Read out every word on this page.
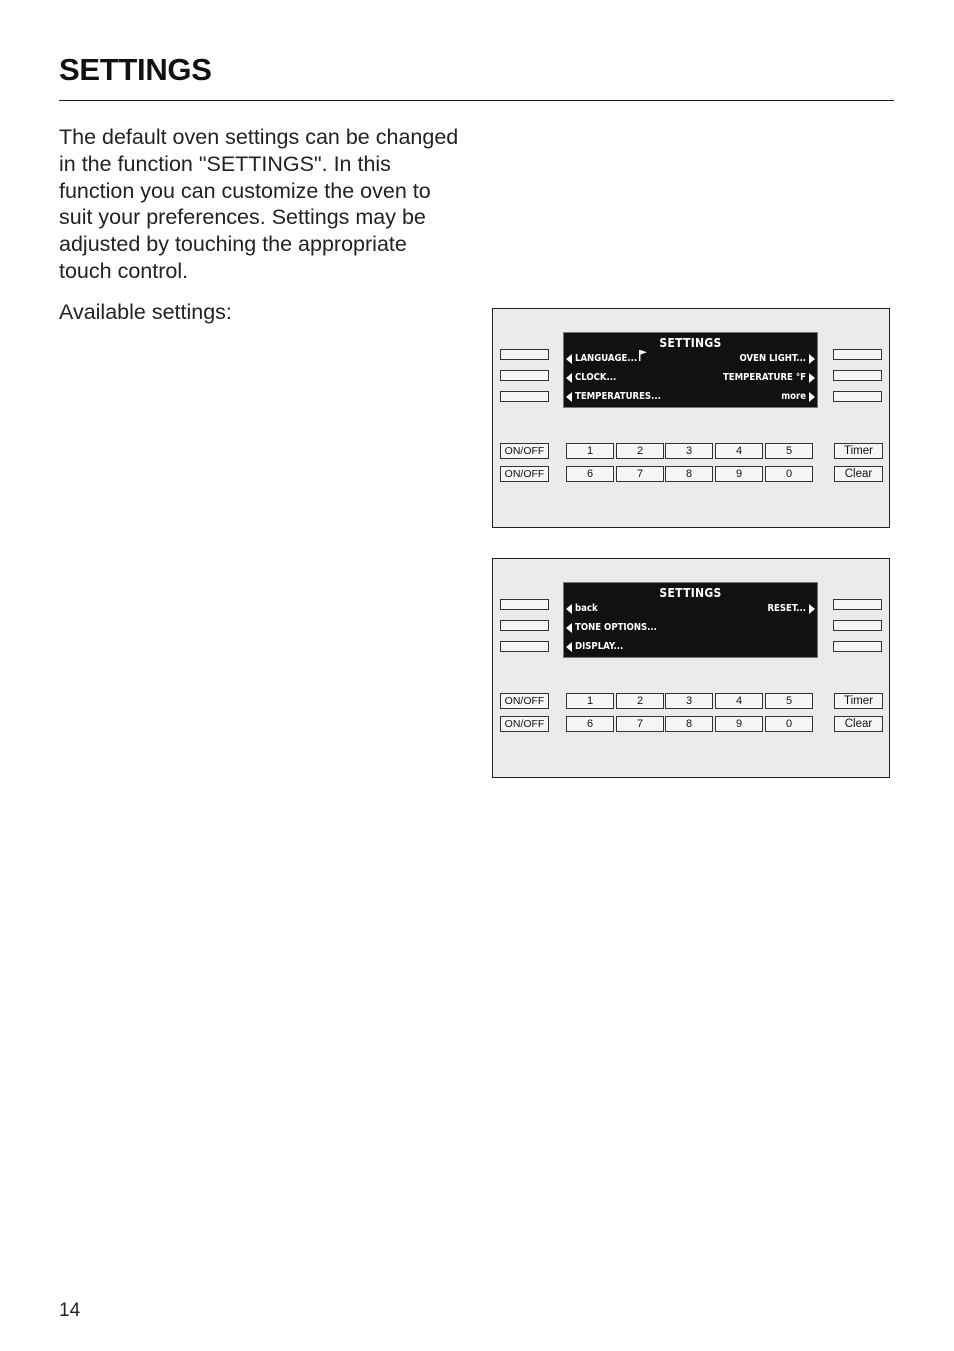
SETTINGS

The default oven settings can be changed in the function "SETTINGS". In this function you can customize the oven to suit your preferences. Settings may be adjusted by touching the appropriate touch control.

Available settings:

SETTINGS
LANGUAGE...
CLOCK...
TEMPERATURES...
OVEN LIGHT...
TEMPERATURE °F
more
ON/OFF
ON/OFF
1	2	3	4	5
6	7	8	9	0
Timer
Clear
SETTINGS
back
TONE OPTIONS...
DISPLAY...
RESET...
ON/OFF
ON/OFF
1	2	3	4	5
6	7	8	9	0
Timer
Clear
14
